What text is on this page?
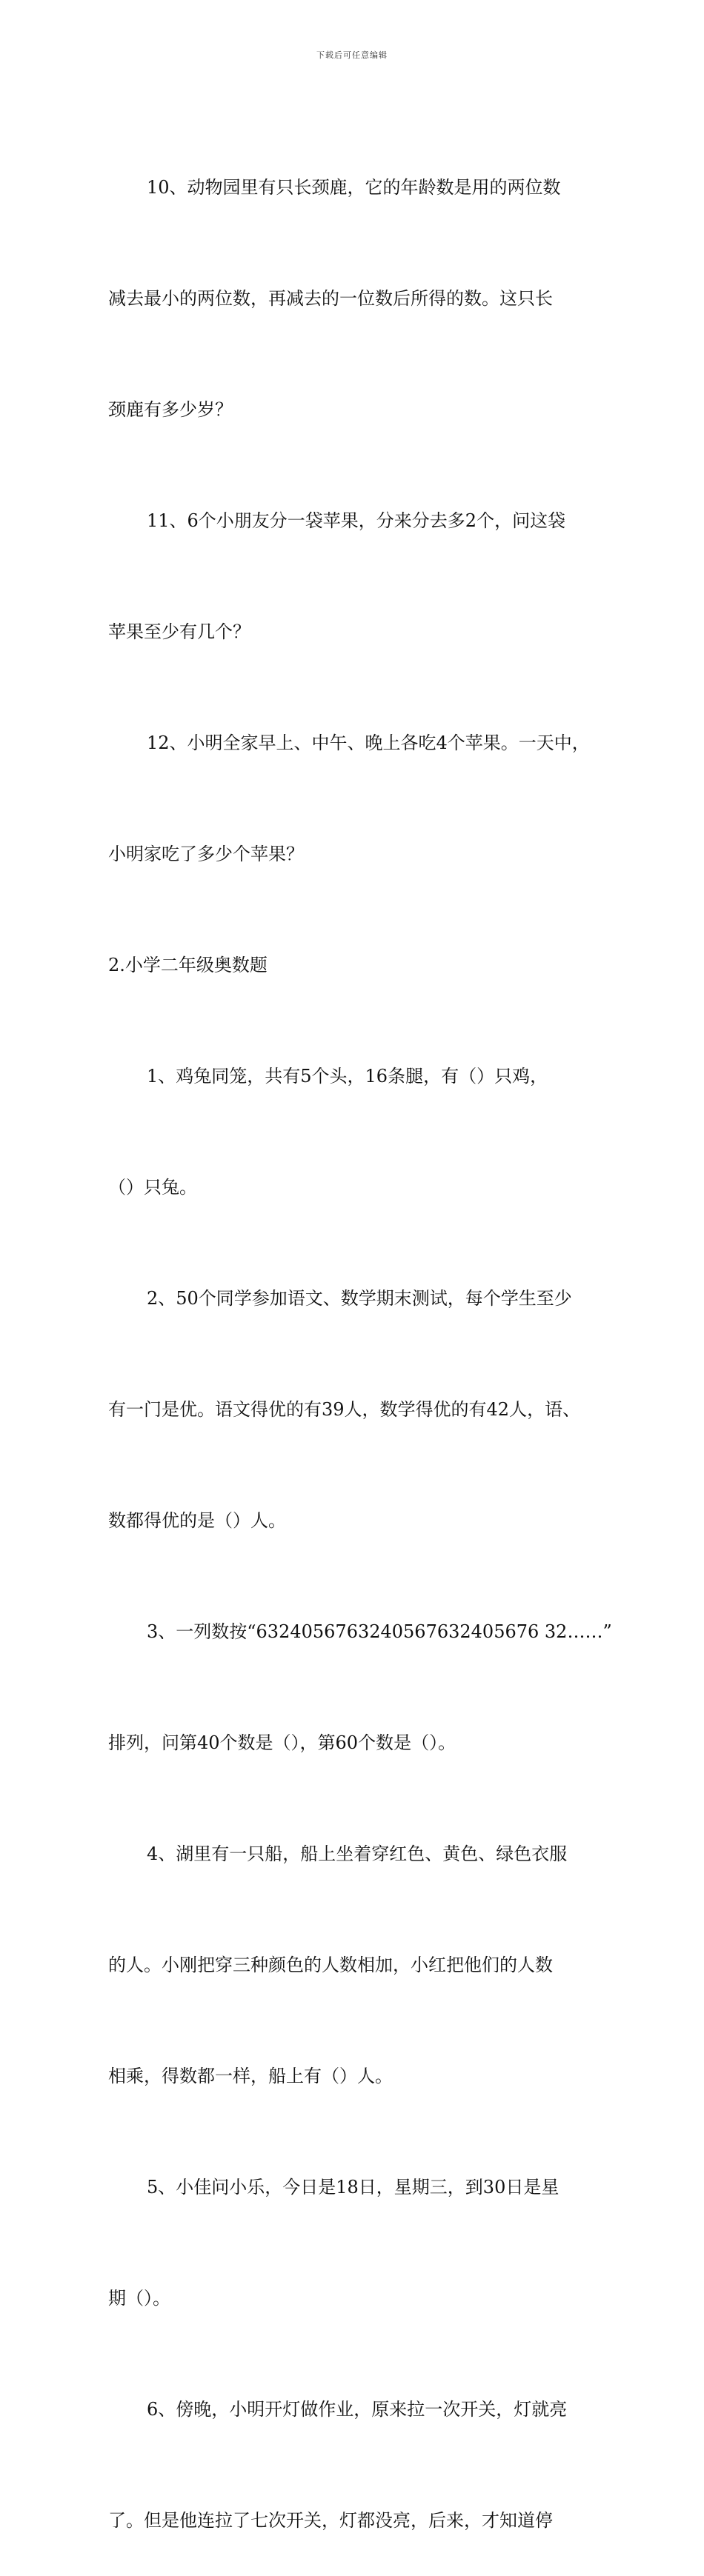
下载后可任意编辑

10、动物园里有只长颈鹿，它的年龄数是用的两位数

减去最小的两位数，再减去的一位数后所得的数。这只长

颈鹿有多少岁？

11、6个小朋友分一袋苹果，分来分去多2个，问这袋

苹果至少有几个？

12、小明全家早上、中午、晚上各吃4个苹果。一天中，

小明家吃了多少个苹果？

2.小学二年级奥数题

1、鸡兔同笼，共有5个头，16条腿，有（）只鸡，

（）只兔。

2、50个同学参加语文、数学期末测试，每个学生至少

有一门是优。语文得优的有39人，数学得优的有42人，语、

数都得优的是（）人。

3、一列数按“6324056763240567632405676 32……”

排列，问第40个数是（），第60个数是（）。

4、湖里有一只船，船上坐着穿红色、黄色、绿色衣服

的人。小刚把穿三种颜色的人数相加，小红把他们的人数

相乘，得数都一样，船上有（）人。

5、小佳问小乐，今日是18日，星期三，到30日是星

期（）。

6、傍晚，小明开灯做作业，原来拉一次开关，灯就亮

了。但是他连拉了七次开关，灯都没亮，后来，才知道停
